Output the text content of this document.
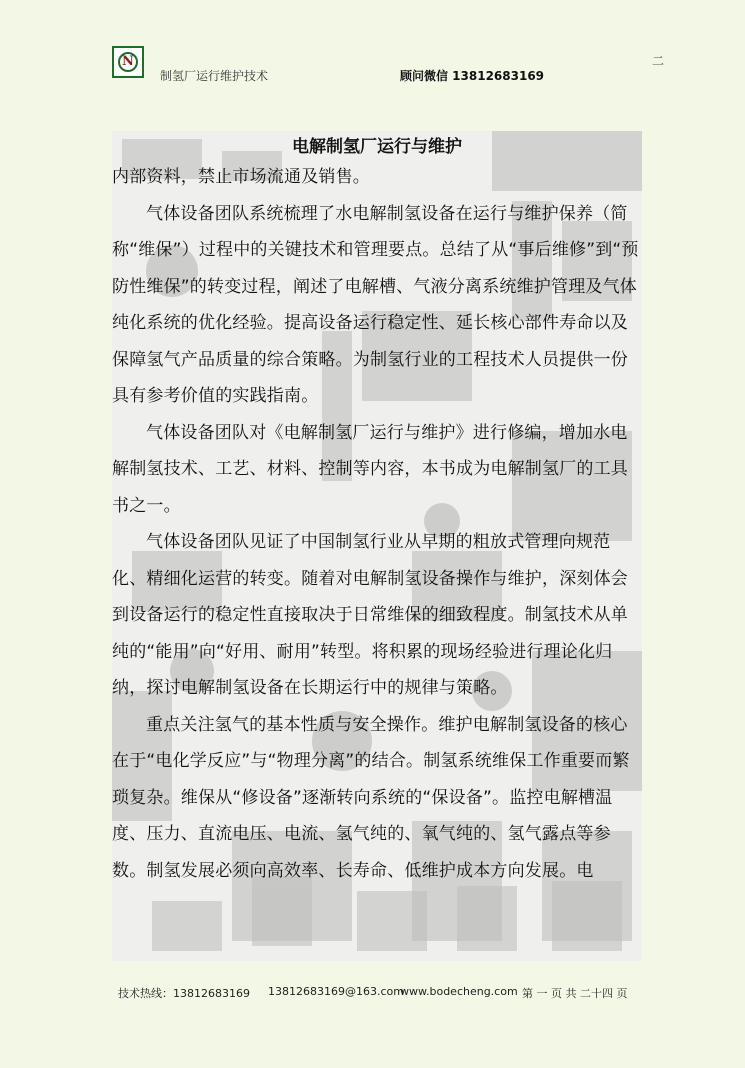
N
制氢厂运行维护技术	顾问微信 13812683169
二
电解制氢厂运行与维护

内部资料，禁止市场流通及销售。

气体设备团队系统梳理了水电解制氢设备在运行与维护保养（简称“维保”）过程中的关键技术和管理要点。总结了从“事后维修”到“预防性维保”的转变过程，阐述了电解槽、气液分离系统维护管理及气体纯化系统的优化经验。提高设备运行稳定性、延长核心部件寿命以及保障氢气产品质量的综合策略。为制氢行业的工程技术人员提供一份具有参考价值的实践指南。

气体设备团队对《电解制氢厂运行与维护》进行修编，增加水电解制氢技术、工艺、材料、控制等内容，本书成为电解制氢厂的工具书之一。

气体设备团队见证了中国制氢行业从早期的粗放式管理向规范化、精细化运营的转变。随着对电解制氢设备操作与维护，深刻体会到设备运行的稳定性直接取决于日常维保的细致程度。制氢技术从单纯的“能用”向“好用、耐用”转型。将积累的现场经验进行理论化归纳，探讨电解制氢设备在长期运行中的规律与策略。

重点关注氢气的基本性质与安全操作。维护电解制氢设备的核心在于“电化学反应”与“物理分离”的结合。制氢系统维保工作重要而繁琐复杂。维保从“修设备”逐渐转向系统的“保设备”。监控电解槽温度、压力、直流电压、电流、氢气纯的、氧气纯的、氢气露点等参数。制氢发展必须向高效率、长寿命、低维护成本方向发展。电

技术热线：13812683169 13812683169@163.com
www.bodecheng.com 第 一 页 共 二十四 页
